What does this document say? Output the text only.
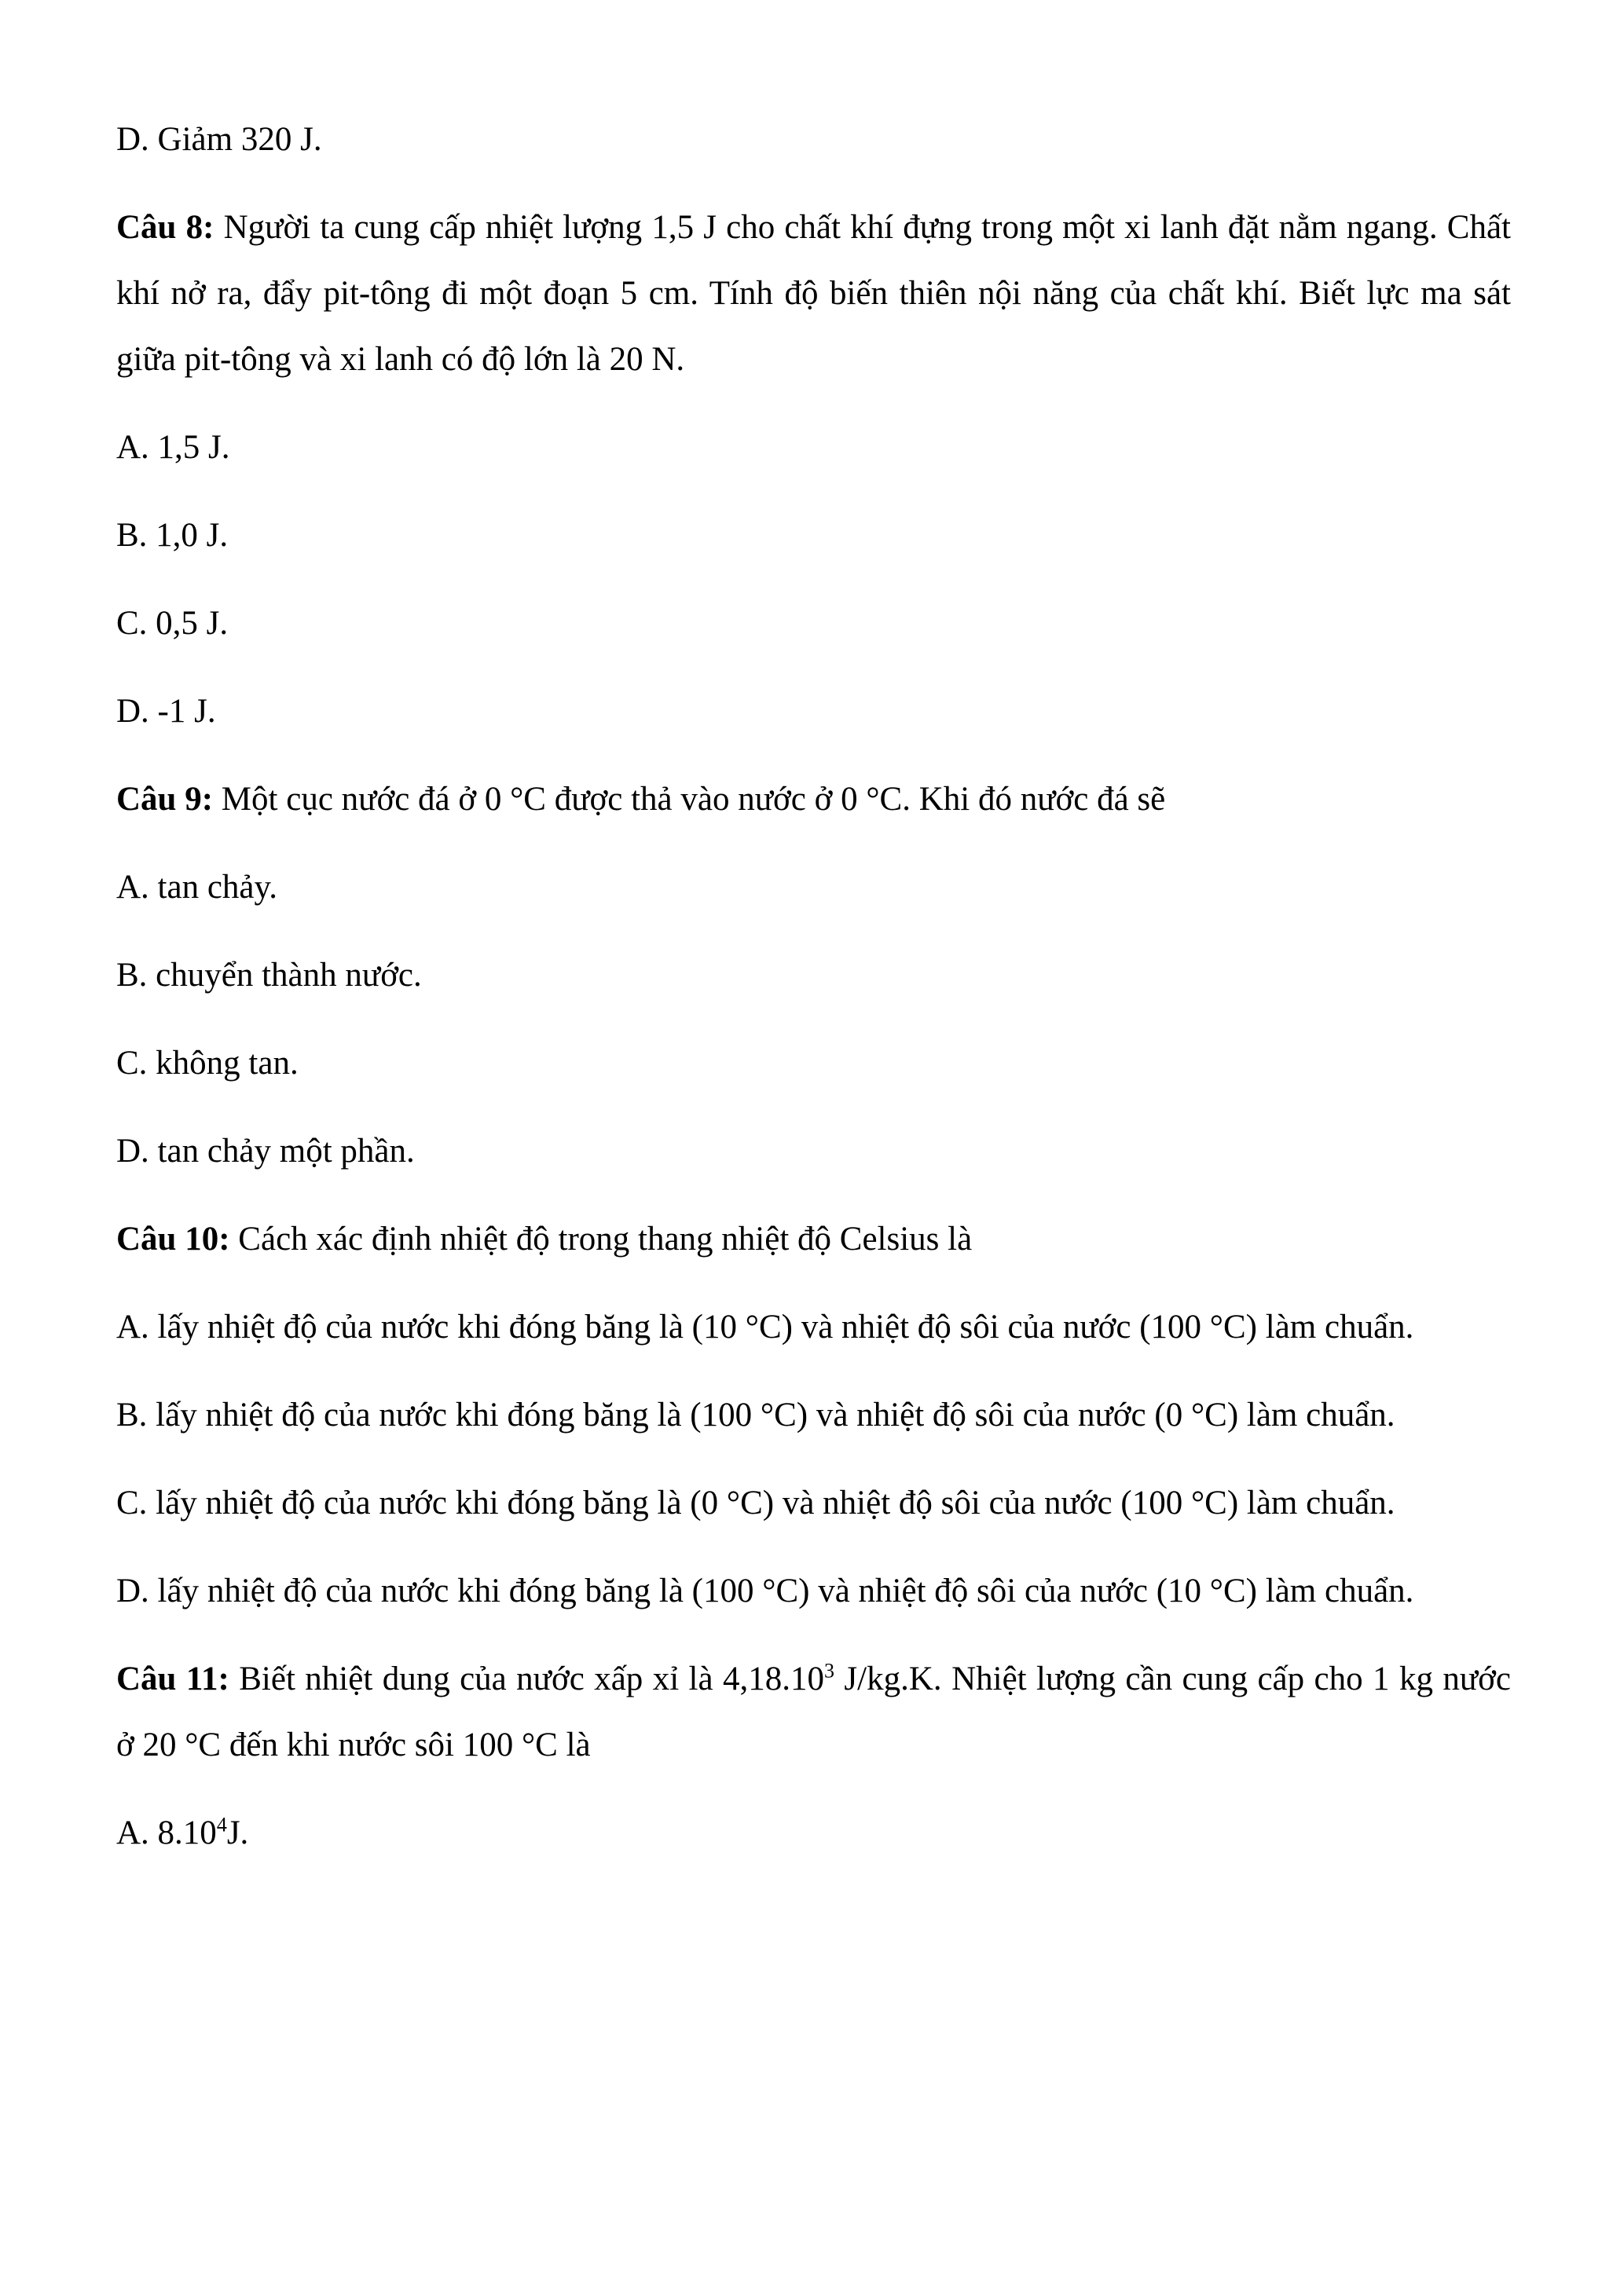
D. Giảm 320 J.

Câu 8: Người ta cung cấp nhiệt lượng 1,5 J cho chất khí đựng trong một xi lanh đặt nằm ngang. Chất khí nở ra, đẩy pit-tông đi một đoạn 5 cm. Tính độ biến thiên nội năng của chất khí. Biết lực ma sát giữa pit-tông và xi lanh có độ lớn là 20 N.

A. 1,5 J.

B. 1,0 J.

C. 0,5 J.

D. -1 J.

Câu 9: Một cục nước đá ở 0 °C được thả vào nước ở 0 °C. Khi đó nước đá sẽ

A. tan chảy.

B. chuyển thành nước.

C. không tan.

D. tan chảy một phần.

Câu 10: Cách xác định nhiệt độ trong thang nhiệt độ Celsius là

A. lấy nhiệt độ của nước khi đóng băng là (10 °C) và nhiệt độ sôi của nước (100 °C) làm chuẩn.

B. lấy nhiệt độ của nước khi đóng băng là (100 °C) và nhiệt độ sôi của nước (0 °C) làm chuẩn.

C. lấy nhiệt độ của nước khi đóng băng là (0 °C) và nhiệt độ sôi của nước (100 °C) làm chuẩn.

D. lấy nhiệt độ của nước khi đóng băng là (100 °C) và nhiệt độ sôi của nước (10 °C) làm chuẩn.

Câu 11: Biết nhiệt dung của nước xấp xỉ là 4,18.10$^3$ J/kg.K. Nhiệt lượng cần cung cấp cho 1 kg nước ở 20 °C đến khi nước sôi 100 °C là

A. 8.10$^4$J.
